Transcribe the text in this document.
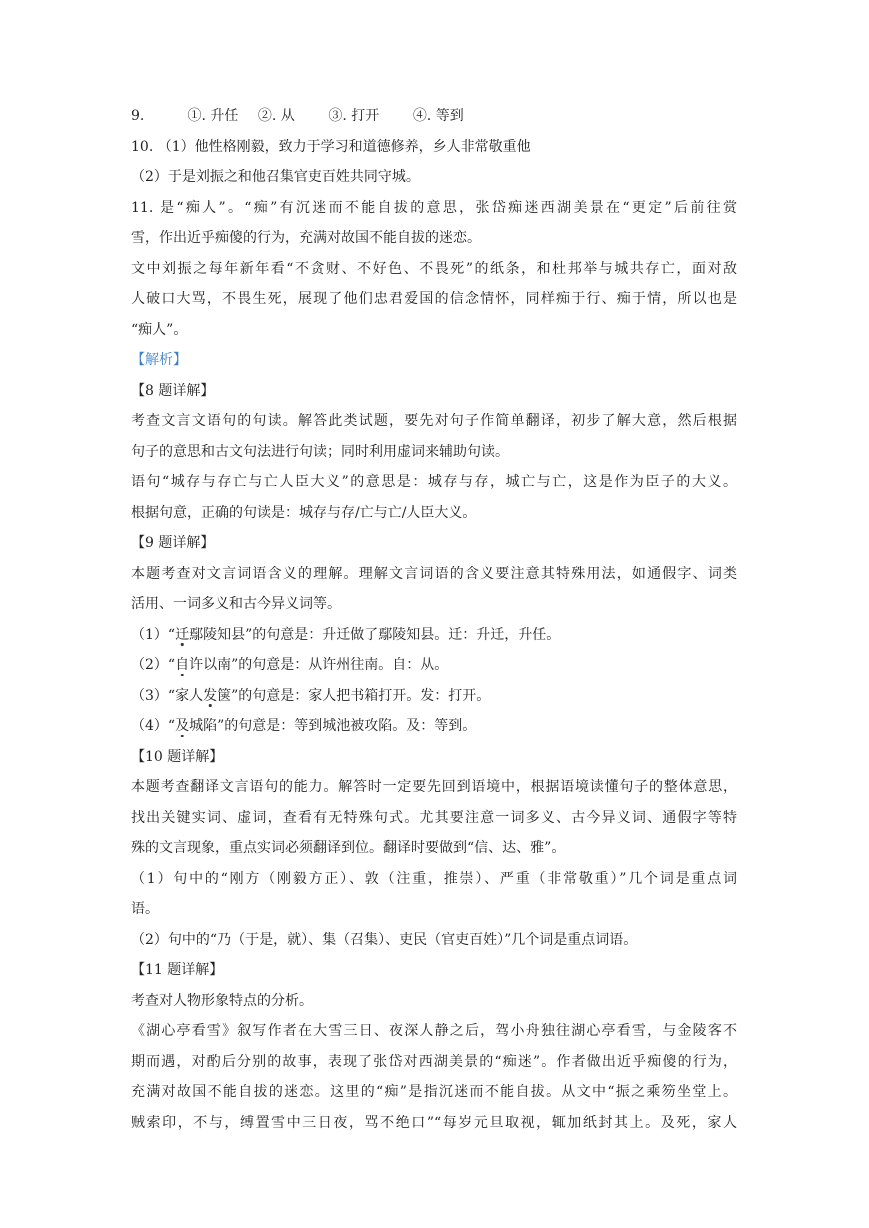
9.	①. 升任 ②. 从 ③. 打开 ④. 等到
10. （1）他性格刚毅，致力于学习和道德修养，乡人非常敬重他
（2）于是刘振之和他召集官吏百姓共同守城。
11. 是“痴人”。“痴”有沉迷而不能自拔的意思，张岱痴迷西湖美景在“更定”后前往赏
雪，作出近乎痴傻的行为，充满对故国不能自拔的迷恋。
文中刘振之每年新年看“不贪财、不好色、不畏死”的纸条，和杜邦举与城共存亡，面对敌
人破口大骂，不畏生死，展现了他们忠君爱国的信念情怀，同样痴于行、痴于情，所以也是
“痴人”。
【解析】
【8 题详解】
考查文言文语句的句读。解答此类试题，要先对句子作简单翻译，初步了解大意，然后根据
句子的意思和古文句法进行句读；同时利用虚词来辅助句读。
语句“城存与存亡与亡人臣大义”的意思是：城存与存，城亡与亡，这是作为臣子的大义。
根据句意，正确的句读是：城存与存/亡与亡/人臣大义。
【9 题详解】
本题考查对文言词语含义的理解。理解文言词语的含义要注意其特殊用法，如通假字、词类
活用、一词多义和古今异义词等。
（1）“迁鄢陵知县”的句意是：升迁做了鄢陵知县。迁：升迁，升任。
（2）“自许以南”的句意是：从许州往南。自：从。
（3）“家人发箧”的句意是：家人把书箱打开。发：打开。
（4）“及城陷”的句意是：等到城池被攻陷。及：等到。
【10 题详解】
本题考查翻译文言语句的能力。解答时一定要先回到语境中，根据语境读懂句子的整体意思，
找出关键实词、虚词，查看有无特殊句式。尤其要注意一词多义、古今异义词、通假字等特
殊的文言现象，重点实词必须翻译到位。翻译时要做到“信、达、雅”。
（1）句中的“刚方（刚毅方正）、敦（注重，推崇）、严重（非常敬重）”几个词是重点词
语。
（2）句中的“乃（于是，就）、集（召集）、吏民（官吏百姓）”几个词是重点词语。
【11 题详解】
考查对人物形象特点的分析。
《湖心亭看雪》叙写作者在大雪三日、夜深人静之后，驾小舟独往湖心亭看雪，与金陵客不
期而遇，对酌后分别的故事，表现了张岱对西湖美景的“痴迷”。作者做出近乎痴傻的行为，
充满对故国不能自拔的迷恋。这里的“痴”是指沉迷而不能自拔。从文中“振之乘笏坐堂上。
贼索印，不与，缚置雪中三日夜，骂不绝口”“每岁元旦取视，辄加纸封其上。及死，家人
